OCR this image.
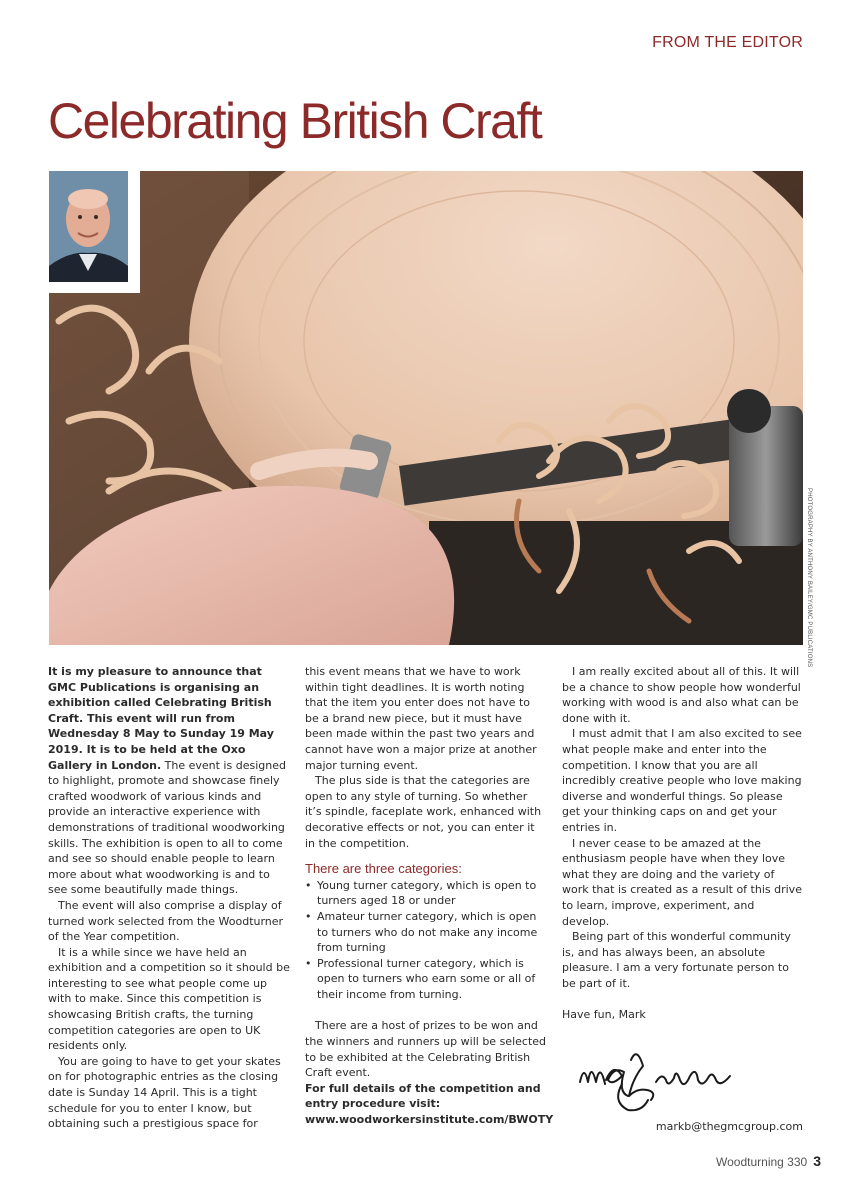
FROM THE EDITOR
Celebrating British Craft
PHOTOGRAPHY BY ANTHONY BAILEY/GMC PUBLICATIONS

It is my pleasure to announce that GMC Publications is organising an exhibition called Celebrating British Craft. This event will run from Wednesday 8 May to Sunday 19 May 2019. It is to be held at the Oxo Gallery in London. The event is designed to highlight, promote and showcase finely crafted woodwork of various kinds and provide an interactive experience with demonstrations of traditional woodworking skills. The exhibition is open to all to come and see so should enable people to learn more about what woodworking is and to see some beautifully made things.

The event will also comprise a display of turned work selected from the Woodturner of the Year competition.

It is a while since we have held an exhibition and a competition so it should be interesting to see what people come up with to make. Since this competition is showcasing British crafts, the turning competition categories are open to UK residents only.

You are going to have to get your skates on for photographic entries as the closing date is Sunday 14 April. This is a tight schedule for you to enter I know, but obtaining such a prestigious space for

this event means that we have to work within tight deadlines. It is worth noting that the item you enter does not have to be a brand new piece, but it must have been made within the past two years and cannot have won a major prize at another major turning event.

The plus side is that the categories are open to any style of turning. So whether it’s spindle, faceplate work, enhanced with decorative effects or not, you can enter it in the competition.

There are three categories:

• Young turner category, which is open to turners aged 18 or under
• Amateur turner category, which is open to turners who do not make any income from turning
• Professional turner category, which is open to turners who earn some or all of their income from turning.

There are a host of prizes to be won and the winners and runners up will be selected to be exhibited at the Celebrating British Craft event.

For full details of the competition and entry procedure visit:

www.woodworkersinstitute.com/BWOTY

I am really excited about all of this. It will be a chance to show people how wonderful working with wood is and also what can be done with it.

I must admit that I am also excited to see what people make and enter into the competition. I know that you are all incredibly creative people who love making diverse and wonderful things. So please get your thinking caps on and get your entries in.

I never cease to be amazed at the enthusiasm people have when they love what they are doing and the variety of work that is created as a result of this drive to learn, improve, experiment, and develop.

Being part of this wonderful community is, and has always been, an absolute pleasure. I am a very fortunate person to be part of it.

Have fun, Mark

markb@thegmcgroup.com
Woodturning 330 3
